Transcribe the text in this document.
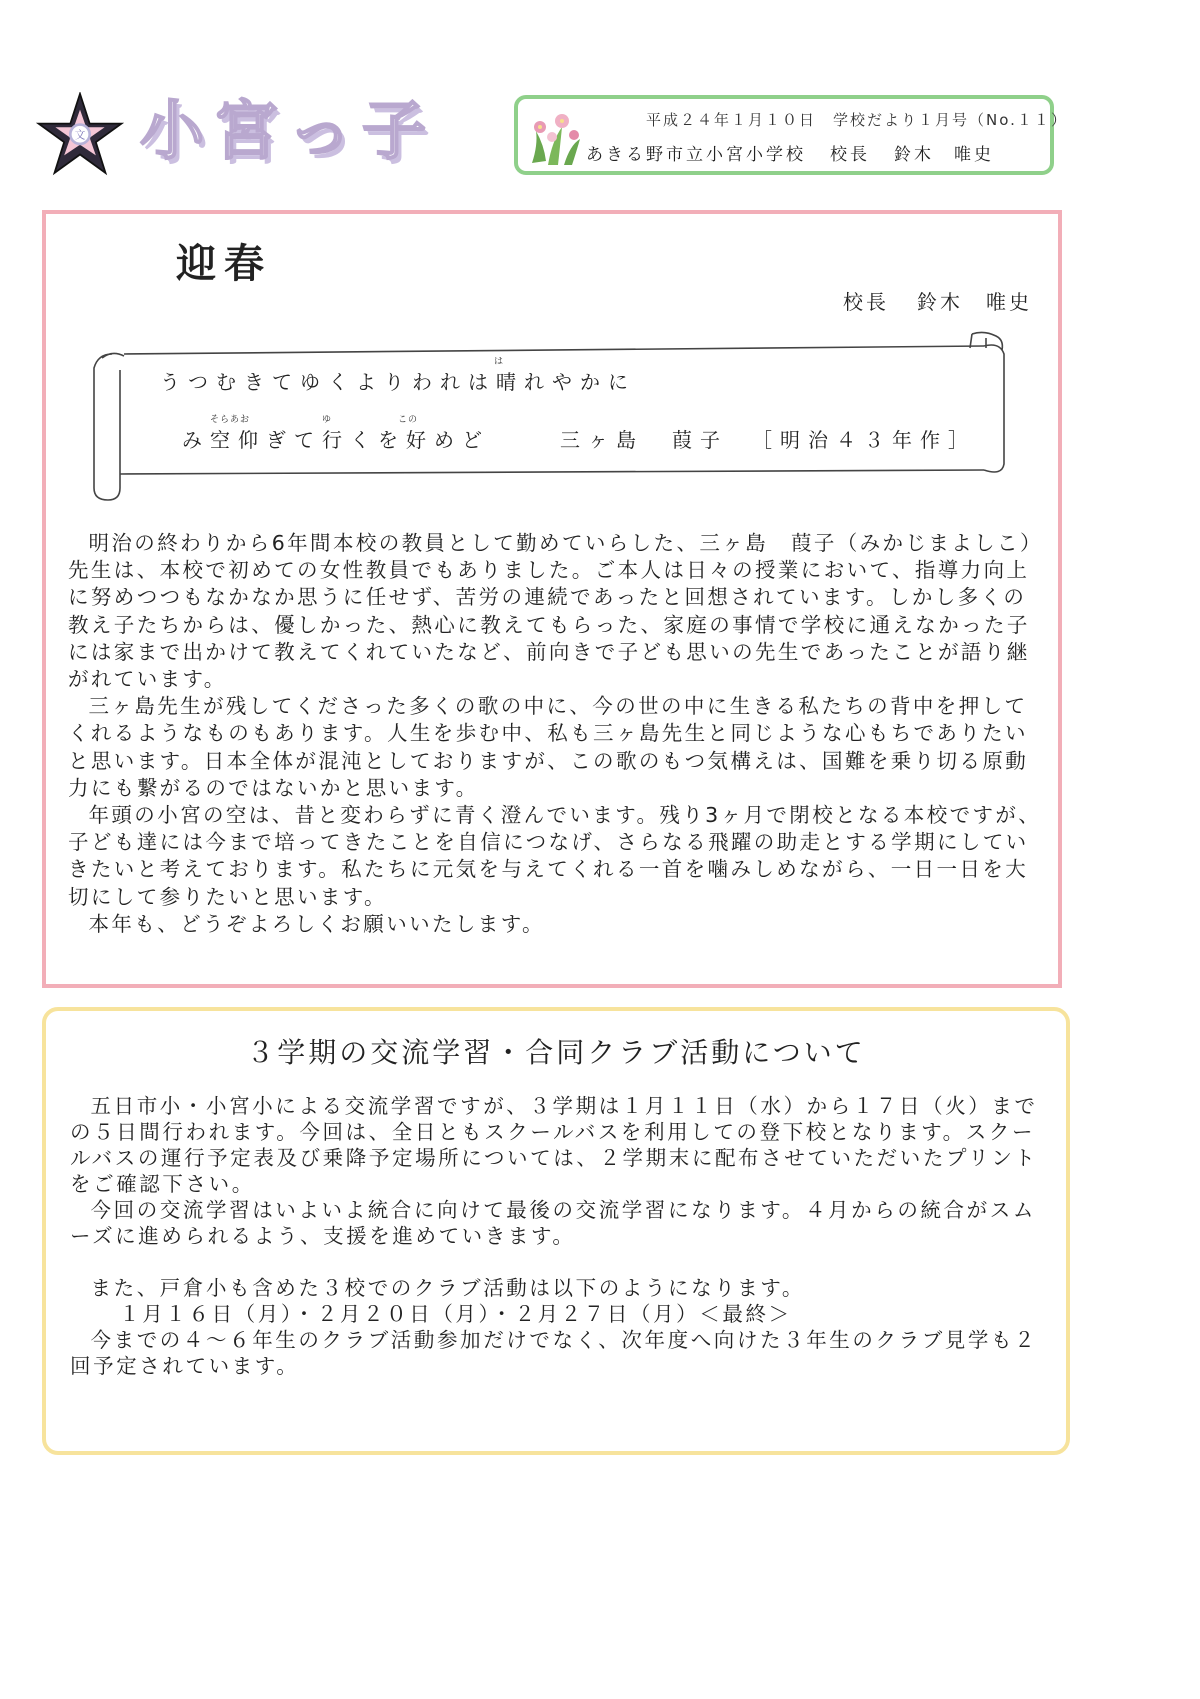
文 小宮っ子	平成２４年１月１０日　学校だより１月号（No.１１）
あきる野市立小宮小学校 校長 鈴木　唯史
迎春
校長 鈴木　唯史
うつむきてゆくよりわれは晴れやかに
は
み空仰ぎて行くを好めど	三ヶ島　葭子 ［明治４３年作］
そらあお	ゆ	この

明治の終わりから6年間本校の教員として勤めていらした、三ヶ島　葭子（みかじまよしこ）先生は、本校で初めての女性教員でもありました。ご本人は日々の授業において、指導力向上に努めつつもなかなか思うに任せず、苦労の連続であったと回想されています。しかし多くの教え子たちからは、優しかった、熱心に教えてもらった、家庭の事情で学校に通えなかった子には家まで出かけて教えてくれていたなど、前向きで子ども思いの先生であったことが語り継がれています。

三ヶ島先生が残してくださった多くの歌の中に、今の世の中に生きる私たちの背中を押してくれるようなものもあります。人生を歩む中、私も三ヶ島先生と同じような心もちでありたいと思います。日本全体が混沌としておりますが、この歌のもつ気構えは、国難を乗り切る原動力にも繋がるのではないかと思います。

年頭の小宮の空は、昔と変わらずに青く澄んでいます。残り3ヶ月で閉校となる本校ですが、子ども達には今まで培ってきたことを自信につなげ、さらなる飛躍の助走とする学期にしていきたいと考えております。私たちに元気を与えてくれる一首を噛みしめながら、一日一日を大切にして参りたいと思います。

本年も、どうぞよろしくお願いいたします。

３学期の交流学習・合同クラブ活動について

五日市小・小宮小による交流学習ですが、３学期は１月１１日（水）から１７日（火）までの５日間行われます。今回は、全日ともスクールバスを利用しての登下校となります。スクールバスの運行予定表及び乗降予定場所については、２学期末に配布させていただいたプリントをご確認下さい。

今回の交流学習はいよいよ統合に向けて最後の交流学習になります。４月からの統合がスムーズに進められるよう、支援を進めていきます。

また、戸倉小も含めた３校でのクラブ活動は以下のようになります。

１月１６日（月）・２月２０日（月）・２月２７日（月）＜最終＞

今までの４～６年生のクラブ活動参加だけでなく、次年度へ向けた３年生のクラブ見学も２回予定されています。
